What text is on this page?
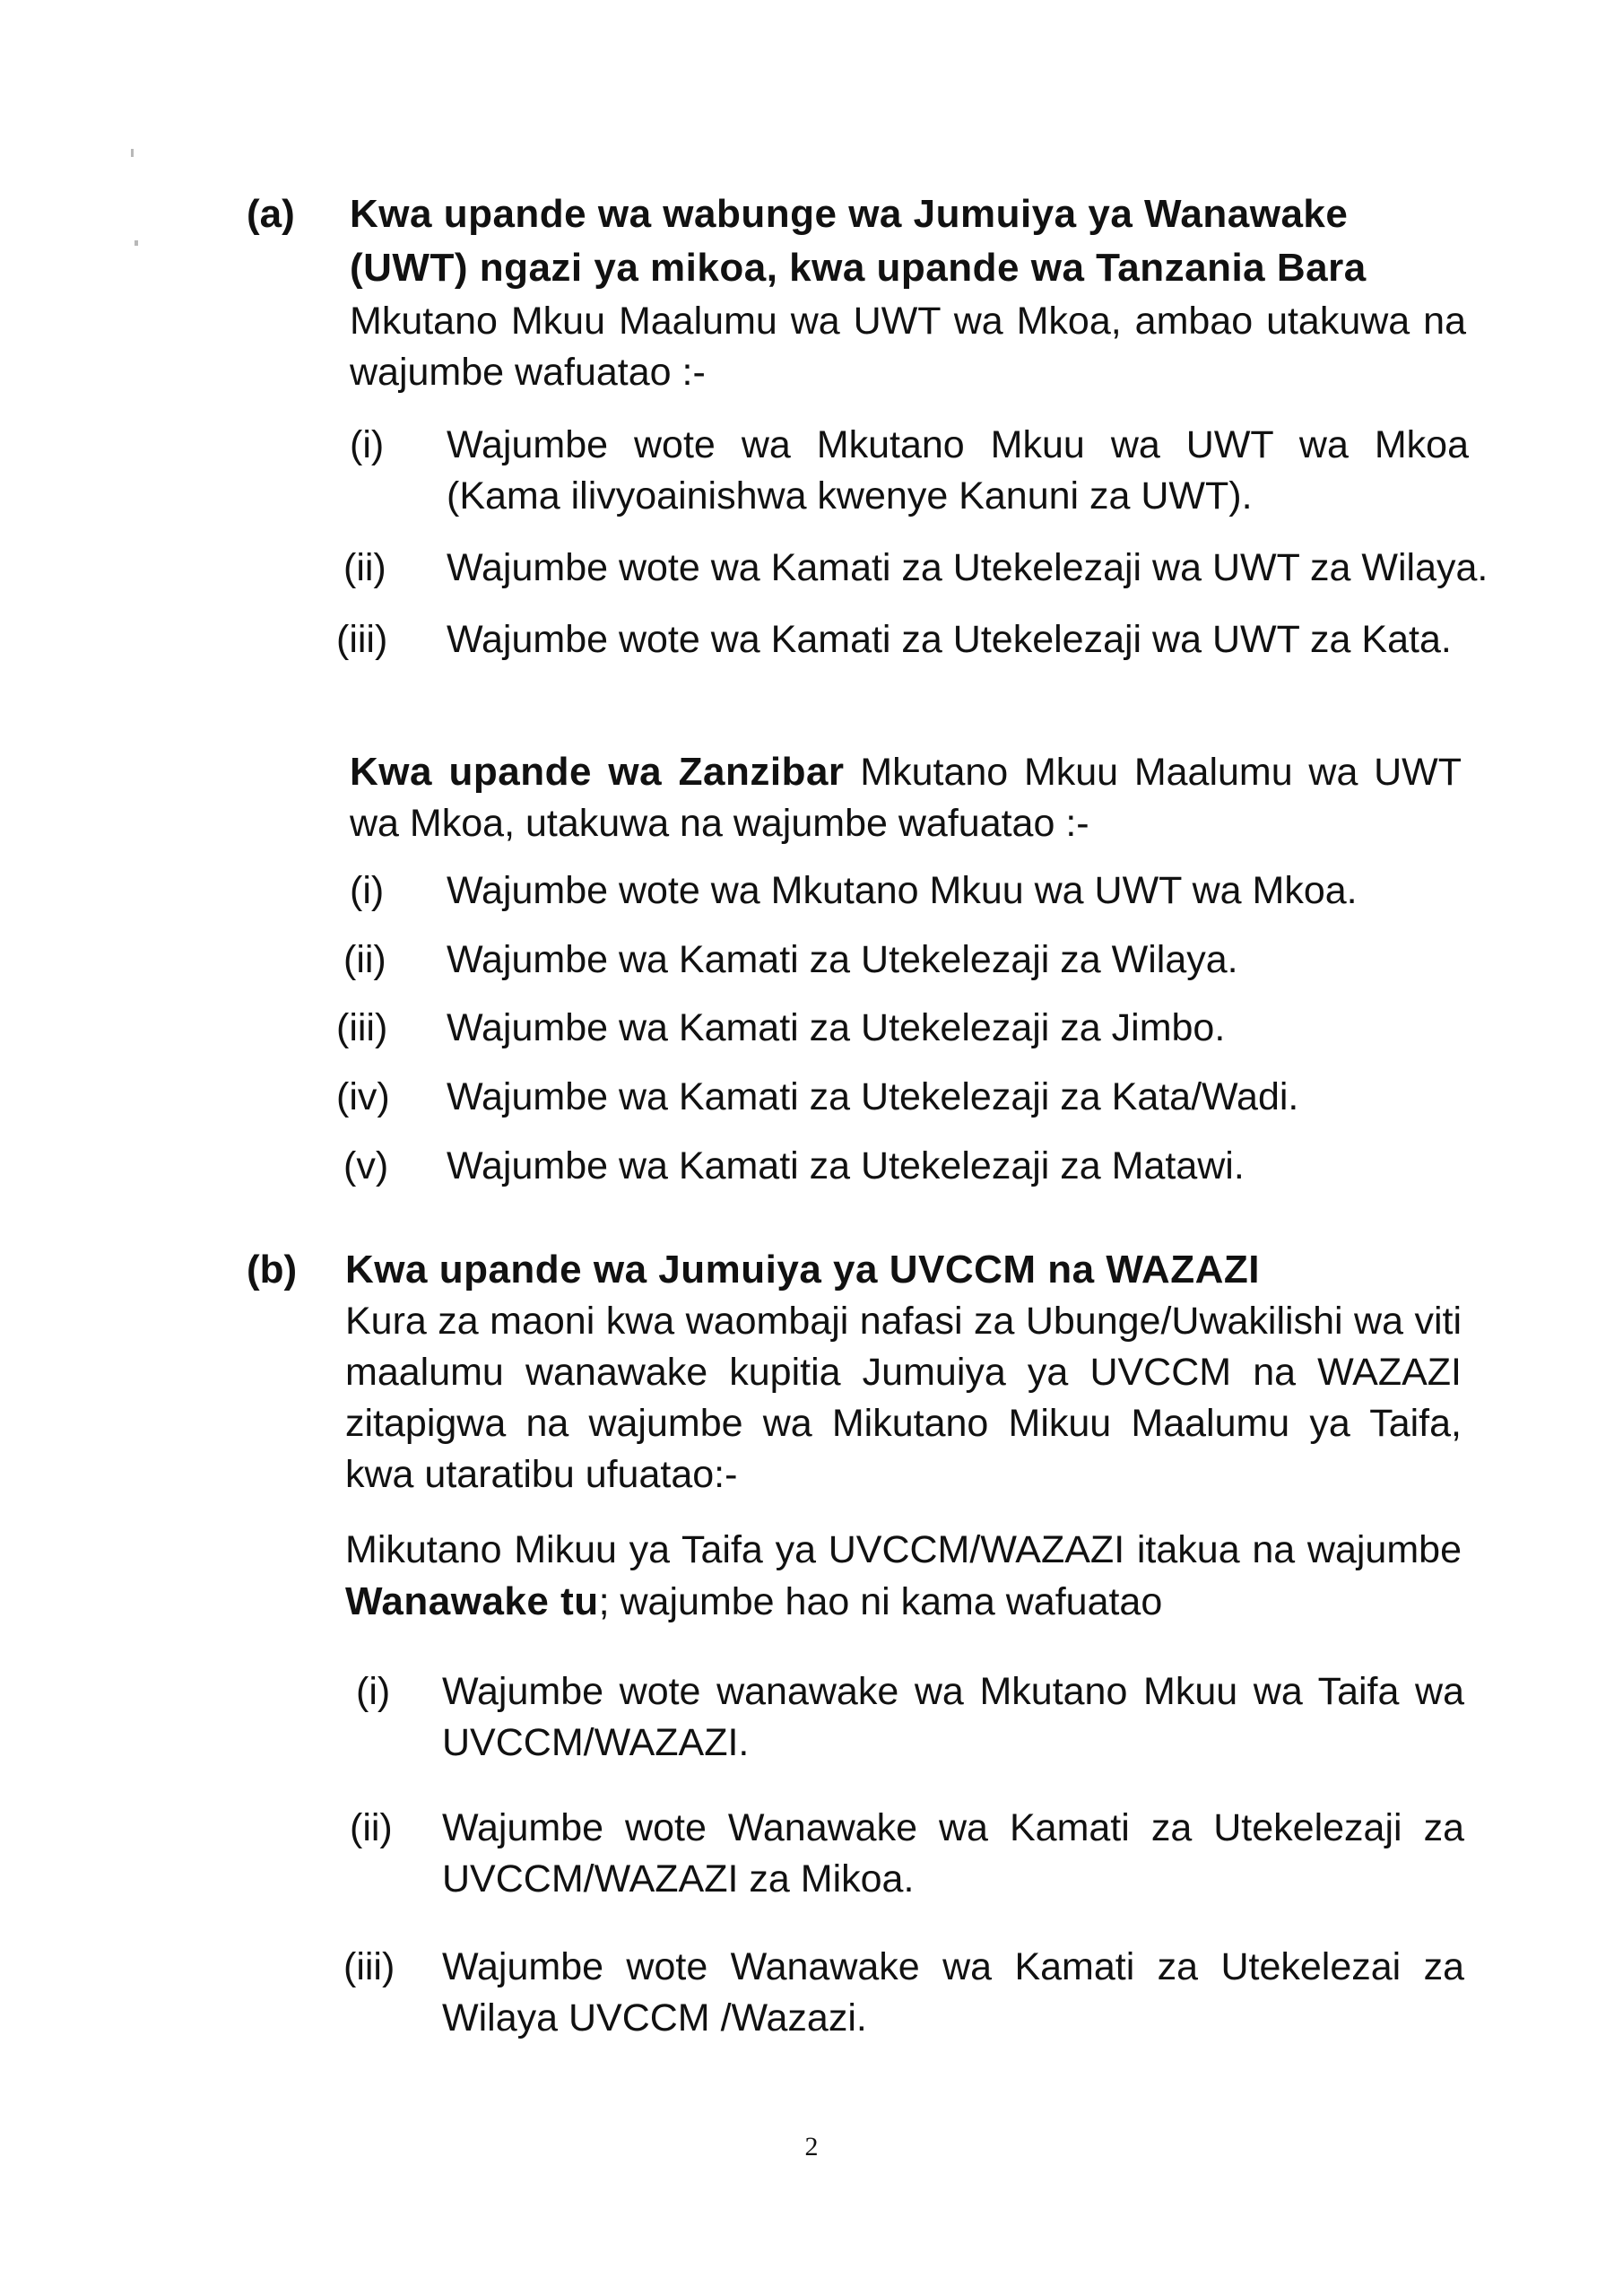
(a) Kwa upande wa wabunge wa Jumuiya ya Wanawake
(UWT) ngazi ya mikoa, kwa upande wa Tanzania Bara
Mkutano Mkuu Maalumu wa UWT wa Mkoa, ambao utakuwa na wajumbe wafuatao :-
(i) Wajumbe wote wa Mkutano Mkuu wa UWT wa Mkoa (Kama ilivyoainishwa kwenye Kanuni za UWT).
(ii) Wajumbe wote wa Kamati za Utekelezaji wa UWT za Wilaya.
(iii) Wajumbe wote wa Kamati za Utekelezaji wa UWT za Kata.
Kwa upande wa Zanzibar Mkutano Mkuu Maalumu wa UWT wa Mkoa, utakuwa na wajumbe wafuatao :-
(i) Wajumbe wote wa Mkutano Mkuu wa UWT wa Mkoa.
(ii) Wajumbe wa Kamati za Utekelezaji za Wilaya.
(iii) Wajumbe wa Kamati za Utekelezaji za Jimbo.
(iv) Wajumbe wa Kamati za Utekelezaji za Kata/Wadi.
(v) Wajumbe wa Kamati za Utekelezaji za Matawi.
(b) Kwa upande wa Jumuiya ya UVCCM na WAZAZI
Kura za maoni kwa waombaji nafasi za Ubunge/Uwakilishi wa viti maalumu wanawake kupitia Jumuiya ya UVCCM na WAZAZI zitapigwa na wajumbe wa Mikutano Mikuu Maalumu ya Taifa, kwa utaratibu ufuatao:-
Mikutano Mikuu ya Taifa ya UVCCM/WAZAZI itakua na wajumbe Wanawake tu; wajumbe hao ni kama wafuatao
(i) Wajumbe wote wanawake wa Mkutano Mkuu wa Taifa wa UVCCM/WAZAZI.
(ii) Wajumbe wote Wanawake wa Kamati za Utekelezaji za UVCCM/WAZAZI za Mikoa.
(iii) Wajumbe wote Wanawake wa Kamati za Utekelezai za Wilaya UVCCM /Wazazi.
2
